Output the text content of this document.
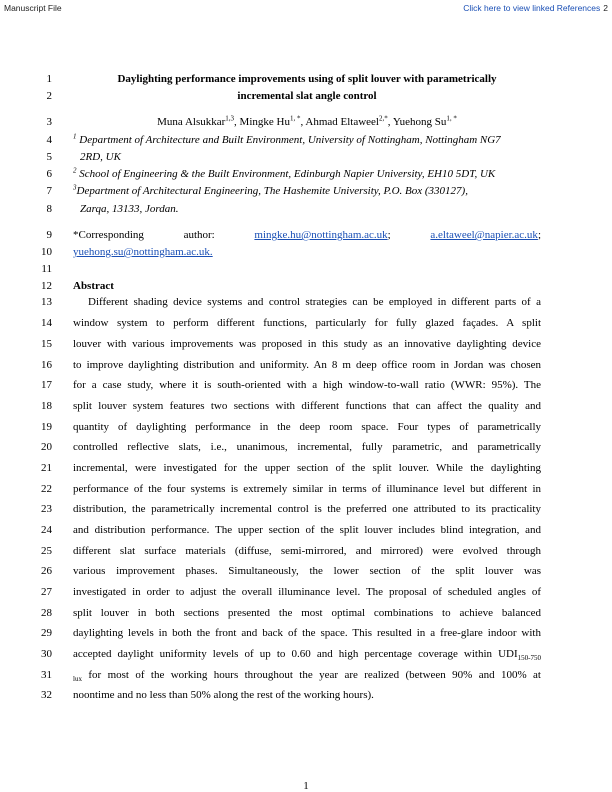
Manuscript File	Click here to view linked References 2
1
2
3
4
5
6
7
8
9
10
11
12
13
14
15
16
17
18
19
20
21
22
23
24
25
26
27
28
29
30
31
32
Daylighting performance improvements using of split louver with parametrically
incremental slat angle control
Muna Alsukkar$^{1,3}$, Mingke $Hu^{1, *}$, Ahmad Eltaweel$^{2,*}$, Yuehong $Su^{1, *}$
$^1$ Department of Architecture and Built Environment, University of Nottingham, Nottingham NG7
2RD, UK
$^2$ School of Engineering & the Built Environment, Edinburgh Napier University, EH10 5DT, UK
$^3$Department of Architectural Engineering, The Hashemite University, P.O. Box (330127),
Zarqa, 13133, Jordan.
*Corresponding	author:	mingke.hu@nottingham.ac.uk;	a.eltaweel@napier.ac.uk;
yuehong.su@nottingham.ac.uk.
Abstract
Different shading device systems and control strategies can be employed in different parts of a
window system to perform different functions, particularly for fully glazed façades. A split
louver with various improvements was proposed in this study as an innovative daylighting device
to improve daylighting distribution and uniformity. An 8 m deep office room in Jordan was chosen
for a case study, where it is south-oriented with a high window-to-wall ratio (WWR: 95%). The
split louver system features two sections with different functions that can affect the quality and
quantity of daylighting performance in the deep room space. Four types of parametrically
controlled reflective slats, i.e., unanimous, incremental, fully parametric, and parametrically
incremental, were investigated for the upper section of the split louver. While the daylighting
performance of the four systems is extremely similar in terms of illuminance level but different in
distribution, the parametrically incremental control is the preferred one attributed to its practicality
and distribution performance. The upper section of the split louver includes blind integration, and
different slat surface materials (diffuse, semi-mirrored, and mirrored) were evolved through
various improvement phases. Simultaneously, the lower section of the split louver was
investigated in order to adjust the overall illuminance level. The proposal of scheduled angles of
split louver in both sections presented the most optimal combinations to achieve balanced
daylighting levels in both the front and back of the space. This resulted in a free-glare indoor with
accepted daylight uniformity levels of up to 0.60 and high percentage coverage within $UDI_{150-750}$
$_{lux}$ for most of the working hours throughout the year are realized (between 90% and 100% at
noontime and no less than 50% along the rest of the working hours).
1
